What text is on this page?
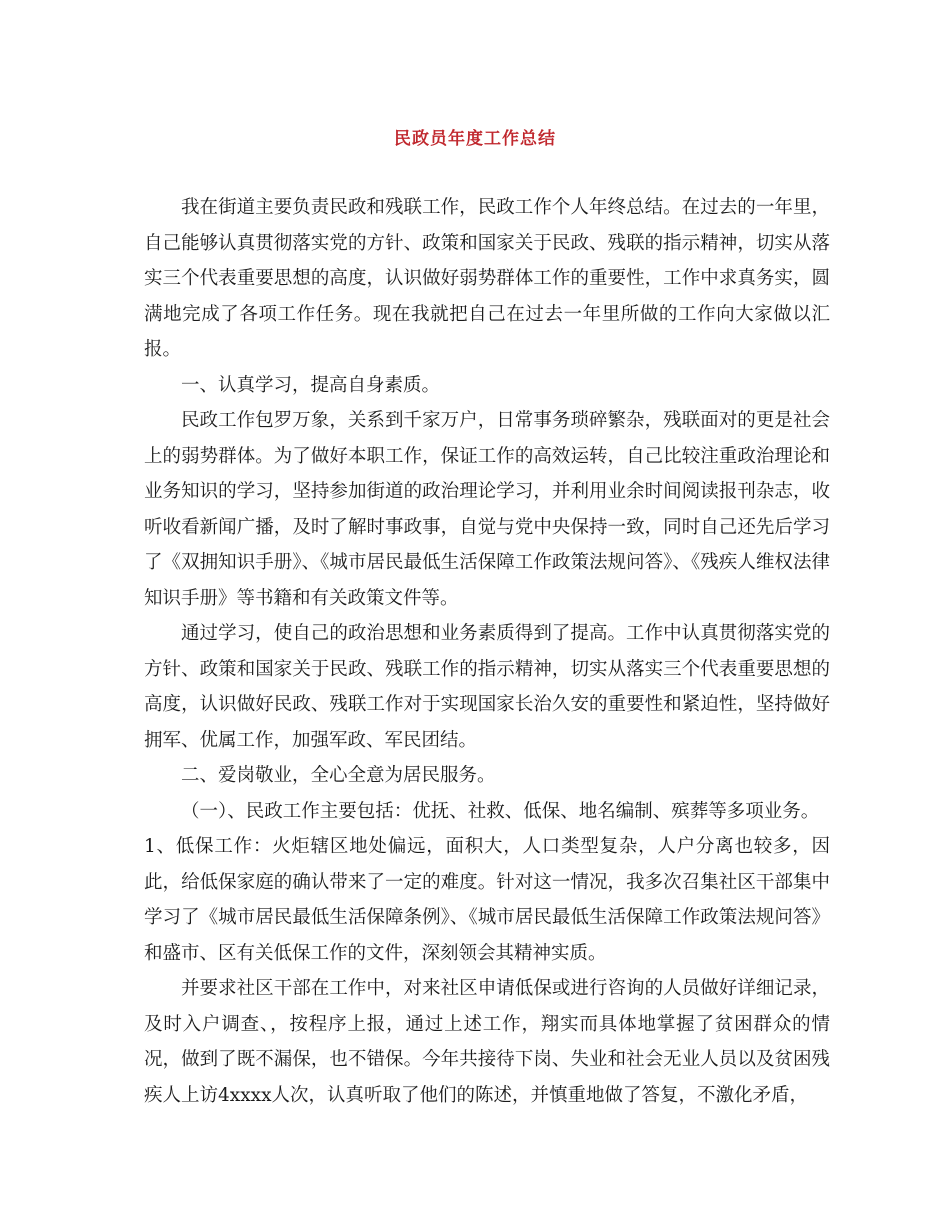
民政员年度工作总结

我在街道主要负责民政和残联工作，民政工作个人年终总结。在过去的一年里，自己能够认真贯彻落实党的方针、政策和国家关于民政、残联的指示精神，切实从落实三个代表重要思想的高度，认识做好弱势群体工作的重要性，工作中求真务实，圆满地完成了各项工作任务。现在我就把自己在过去一年里所做的工作向大家做以汇报。

一、认真学习，提高自身素质。

民政工作包罗万象，关系到千家万户，日常事务琐碎繁杂，残联面对的更是社会上的弱势群体。为了做好本职工作，保证工作的高效运转，自己比较注重政治理论和业务知识的学习，坚持参加街道的政治理论学习，并利用业余时间阅读报刊杂志，收听收看新闻广播，及时了解时事政事，自觉与党中央保持一致，同时自己还先后学习了《双拥知识手册》、《城市居民最低生活保障工作政策法规问答》、《残疾人维权法律知识手册》等书籍和有关政策文件等。

通过学习，使自己的政治思想和业务素质得到了提高。工作中认真贯彻落实党的方针、政策和国家关于民政、残联工作的指示精神，切实从落实三个代表重要思想的高度，认识做好民政、残联工作对于实现国家长治久安的重要性和紧迫性，坚持做好拥军、优属工作，加强军政、军民团结。

二、爱岗敬业，全心全意为居民服务。

（一）、民政工作主要包括：优抚、社救、低保、地名编制、殡葬等多项业务。

1、低保工作：火炬辖区地处偏远，面积大，人口类型复杂，人户分离也较多，因此，给低保家庭的确认带来了一定的难度。针对这一情况，我多次召集社区干部集中学习了《城市居民最低生活保障条例》、《城市居民最低生活保障工作政策法规问答》和盛市、区有关低保工作的文件，深刻领会其精神实质。

并要求社区干部在工作中，对来社区申请低保或进行咨询的人员做好详细记录，及时入户调查、，按程序上报，通过上述工作，翔实而具体地掌握了贫困群众的情况，做到了既不漏保，也不错保。今年共接待下岗、失业和社会无业人员以及贫困残疾人上访4xxxx人次，认真听取了他们的陈述，并慎重地做了答复，不激化矛盾，
